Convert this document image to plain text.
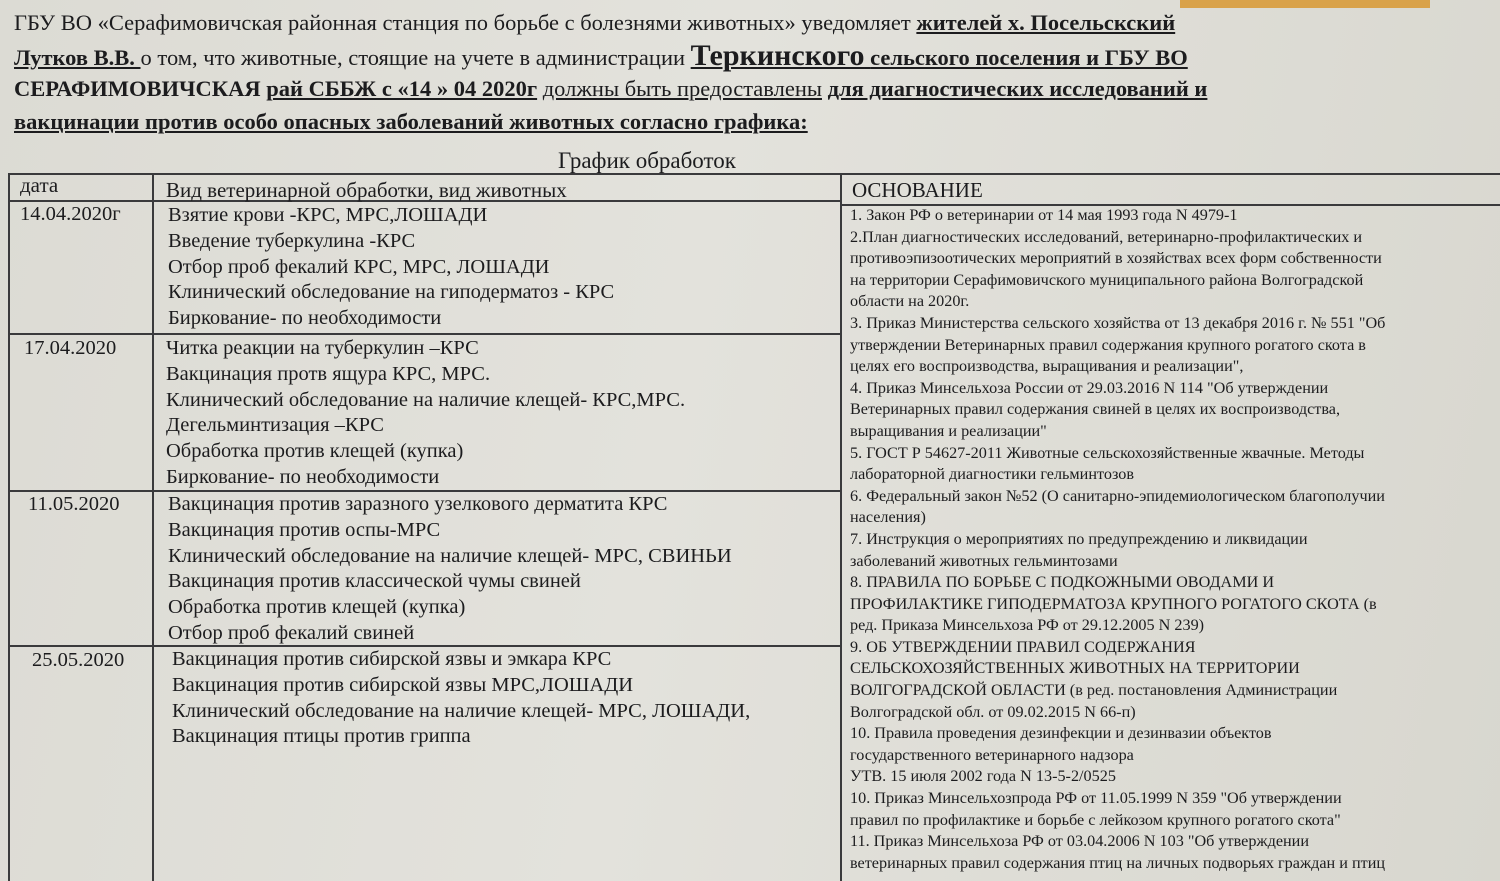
ГБУ ВО «Серафимовичская районная станция по борьбе с болезнями животных» уведомляет жителей х. Посельскский
Лутков В.В. о том, что животные, стоящие на учете в администрации Теркинского сельского поселения и ГБУ ВО
СЕРАФИМОВИЧСКАЯ рай СББЖ с «14 » 04 2020г должны быть предоставлены для диагностических исследований и
вакцинации против особо опасных заболеваний животных согласно графика:
График обработок
дата	Вид ветеринарной обработки, вид животных	ОСНОВАНИЕ
14.04.2020г Взятие крови -КРС, МРС,ЛОШАДИ
Введение туберкулина -КРС
Отбор проб фекалий КРС, МРС, ЛОШАДИ
Клинический обследование на гиподерматоз - КРС
Биркование- по необходимости
17.04.2020 Читка реакции на туберкулин –КРС
Вакцинация протв ящура КРС, МРС.
Клинический обследование на наличие клещей- КРС,МРС.
Дегельминтизация –КРС
Обработка против клещей (купка)
Биркование- по необходимости
11.05.2020 Вакцинация против заразного узелкового дерматита КРС
Вакцинация против оспы-МРС
Клинический обследование на наличие клещей- МРС, СВИНЬИ
Вакцинация против классической чумы свиней
Обработка против клещей (купка)
Отбор проб фекалий свиней
25.05.2020 Вакцинация против сибирской язвы и эмкара КРС
Вакцинация против сибирской язвы МРС,ЛОШАДИ
Клинический обследование на наличие клещей- МРС, ЛОШАДИ,
Вакцинация птицы против гриппа
1. Закон РФ о ветеринарии от 14 мая 1993 года N 4979-1
2.План диагностических исследований, ветеринарно-профилактических и
противоэпизоотических мероприятий в хозяйствах всех форм собственности
на территории Серафимовичского муниципального района Волгоградской
области на 2020г.
3. Приказ Министерства сельского хозяйства от 13 декабря 2016 г. № 551 "Об
утверждении Ветеринарных правил содержания крупного рогатого скота в
целях его воспроизводства, выращивания и реализации",
4. Приказ Минсельхоза России от 29.03.2016 N 114 "Об утверждении
Ветеринарных правил содержания свиней в целях их воспроизводства,
выращивания и реализации"
5. ГОСТ Р 54627-2011 Животные сельскохозяйственные жвачные. Методы
лабораторной диагностики гельминтозов
6. Федеральный закон №52 (О санитарно-эпидемиологическом благополучии
населения)
7. Инструкция о мероприятиях по предупреждению и ликвидации
заболеваний животных гельминтозами
8. ПРАВИЛА ПО БОРЬБЕ С ПОДКОЖНЫМИ ОВОДАМИ И
ПРОФИЛАКТИКЕ ГИПОДЕРМАТОЗА КРУПНОГО РОГАТОГО СКОТА (в
ред. Приказа Минсельхоза РФ от 29.12.2005 N 239)
9. ОБ УТВЕРЖДЕНИИ ПРАВИЛ СОДЕРЖАНИЯ
СЕЛЬСКОХОЗЯЙСТВЕННЫХ ЖИВОТНЫХ НА ТЕРРИТОРИИ
ВОЛГОГРАДСКОЙ ОБЛАСТИ (в ред. постановления Администрации
Волгоградской обл. от 09.02.2015 N 66-п)
10. Правила проведения дезинфекции и дезинвазии объектов
государственного ветеринарного надзора
УТВ. 15 июля 2002 года N 13-5-2/0525
10. Приказ Минсельхозпрода РФ от 11.05.1999 N 359 "Об утверждении
правил по профилактике и борьбе с лейкозом крупного рогатого скота"
11. Приказ Минсельхоза РФ от 03.04.2006 N 103 "Об утверждении
ветеринарных правил содержания птиц на личных подворьях граждан и птиц
